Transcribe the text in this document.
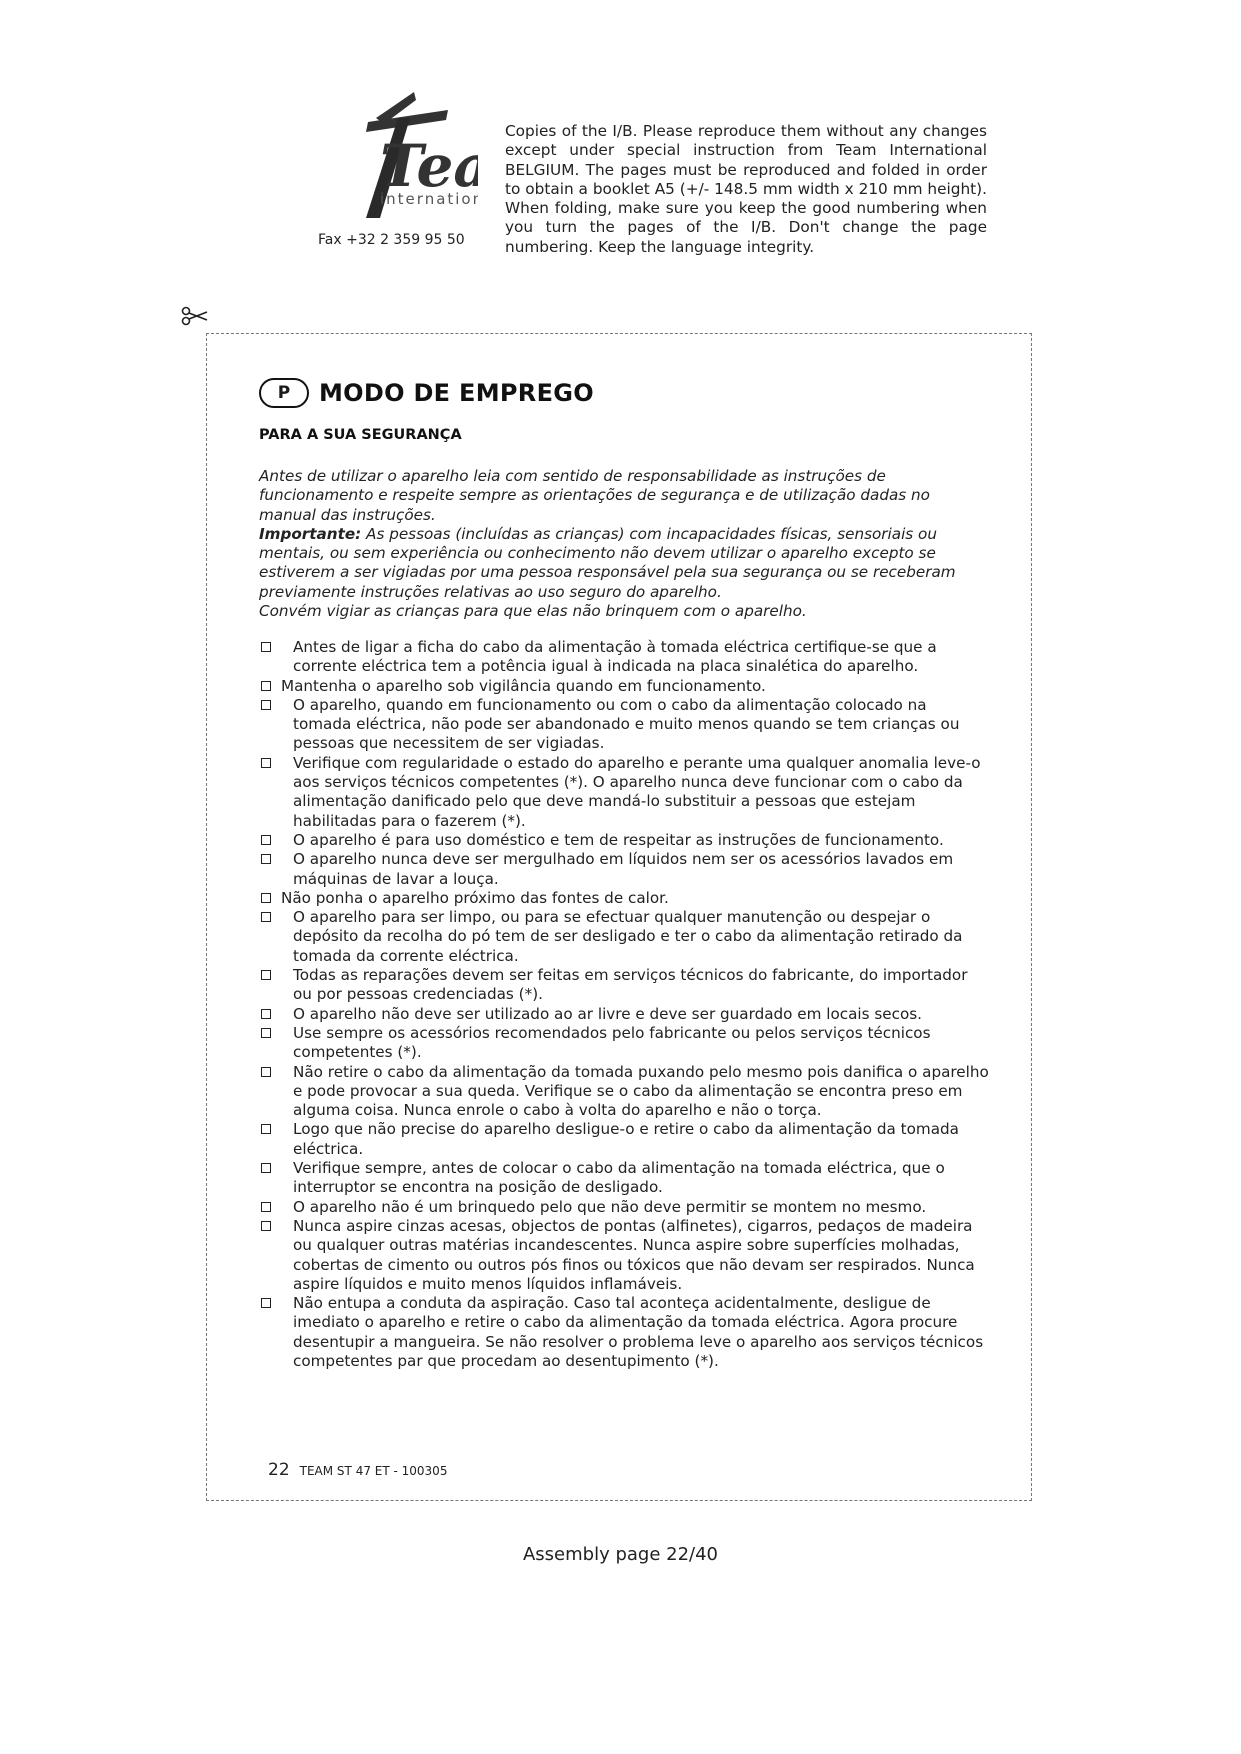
Te
internatio
Fax +32 2 359 95 50
Copies of the I/B. Please reproduce them without any changes except under special instruction from Team International BELGIUM. The pages must be reproduced and folded in order to obtain a booklet A5 (+/- 148.5 mm width x 210 mm height). When folding, make sure you keep the good numbering when you turn the pages of the I/B. Don't change the page numbering. Keep the language integrity.
P	MODO DE EMPREGO
PARA A SUA SEGURANÇA

Antes de utilizar o aparelho leia com sentido de responsabilidade as instruções de funcionamento e respeite sempre as orientações de segurança e de utilização dadas no manual das instruções.

Importante: As pessoas (incluídas as crianças) com incapacidades físicas, sensoriais ou mentais, ou sem experiência ou conhecimento não devem utilizar o aparelho excepto se estiverem a ser vigiadas por uma pessoa responsável pela sua segurança ou se receberam previamente instruções relativas ao uso seguro do aparelho.

Convém vigiar as crianças para que elas não brinquem com o aparelho.

Antes de ligar a ficha do cabo da alimentação à tomada eléctrica certifique-se que a corrente eléctrica tem a potência igual à indicada na placa sinalética do aparelho.
Mantenha o aparelho sob vigilância quando em funcionamento.
O aparelho, quando em funcionamento ou com o cabo da alimentação colocado na tomada eléctrica, não pode ser abandonado e muito menos quando se tem crianças ou pessoas que necessitem de ser vigiadas.
Verifique com regularidade o estado do aparelho e perante uma qualquer anomalia leve-o aos serviços técnicos competentes (*). O aparelho nunca deve funcionar com o cabo da alimentação danificado pelo que deve mandá-lo substituir a pessoas que estejam habilitadas para o fazerem (*).
O aparelho é para uso doméstico e tem de respeitar as instruções de funcionamento.
O aparelho nunca deve ser mergulhado em líquidos nem ser os acessórios lavados em máquinas de lavar a louça.
Não ponha o aparelho próximo das fontes de calor.
O aparelho para ser limpo, ou para se efectuar qualquer manutenção ou despejar o depósito da recolha do pó tem de ser desligado e ter o cabo da alimentação retirado da tomada da corrente eléctrica.
Todas as reparações devem ser feitas em serviços técnicos do fabricante, do importador ou por pessoas credenciadas (*).
O aparelho não deve ser utilizado ao ar livre e deve ser guardado em locais secos.
Use sempre os acessórios recomendados pelo fabricante ou pelos serviços técnicos competentes (*).
Não retire o cabo da alimentação da tomada puxando pelo mesmo pois danifica o aparelho e pode provocar a sua queda. Verifique se o cabo da alimentação se encontra preso em alguma coisa. Nunca enrole o cabo à volta do aparelho e não o torça.
Logo que não precise do aparelho desligue-o e retire o cabo da alimentação da tomada eléctrica.
Verifique sempre, antes de colocar o cabo da alimentação na tomada eléctrica, que o interruptor se encontra na posição de desligado.
O aparelho não é um brinquedo pelo que não deve permitir se montem no mesmo.
Nunca aspire cinzas acesas, objectos de pontas (alfinetes), cigarros, pedaços de madeira ou qualquer outras matérias incandescentes. Nunca aspire sobre superfícies molhadas, cobertas de cimento ou outros pós finos ou tóxicos que não devam ser respirados. Nunca aspire líquidos e muito menos líquidos inflamáveis.
Não entupa a conduta da aspiração. Caso tal aconteça acidentalmente, desligue de imediato o aparelho e retire o cabo da alimentação da tomada eléctrica. Agora procure desentupir a mangueira. Se não resolver o problema leve o aparelho aos serviços técnicos competentes par que procedam ao desentupimento (*).
22 TEAM ST 47 ET - 100305
Assembly page 22/40
